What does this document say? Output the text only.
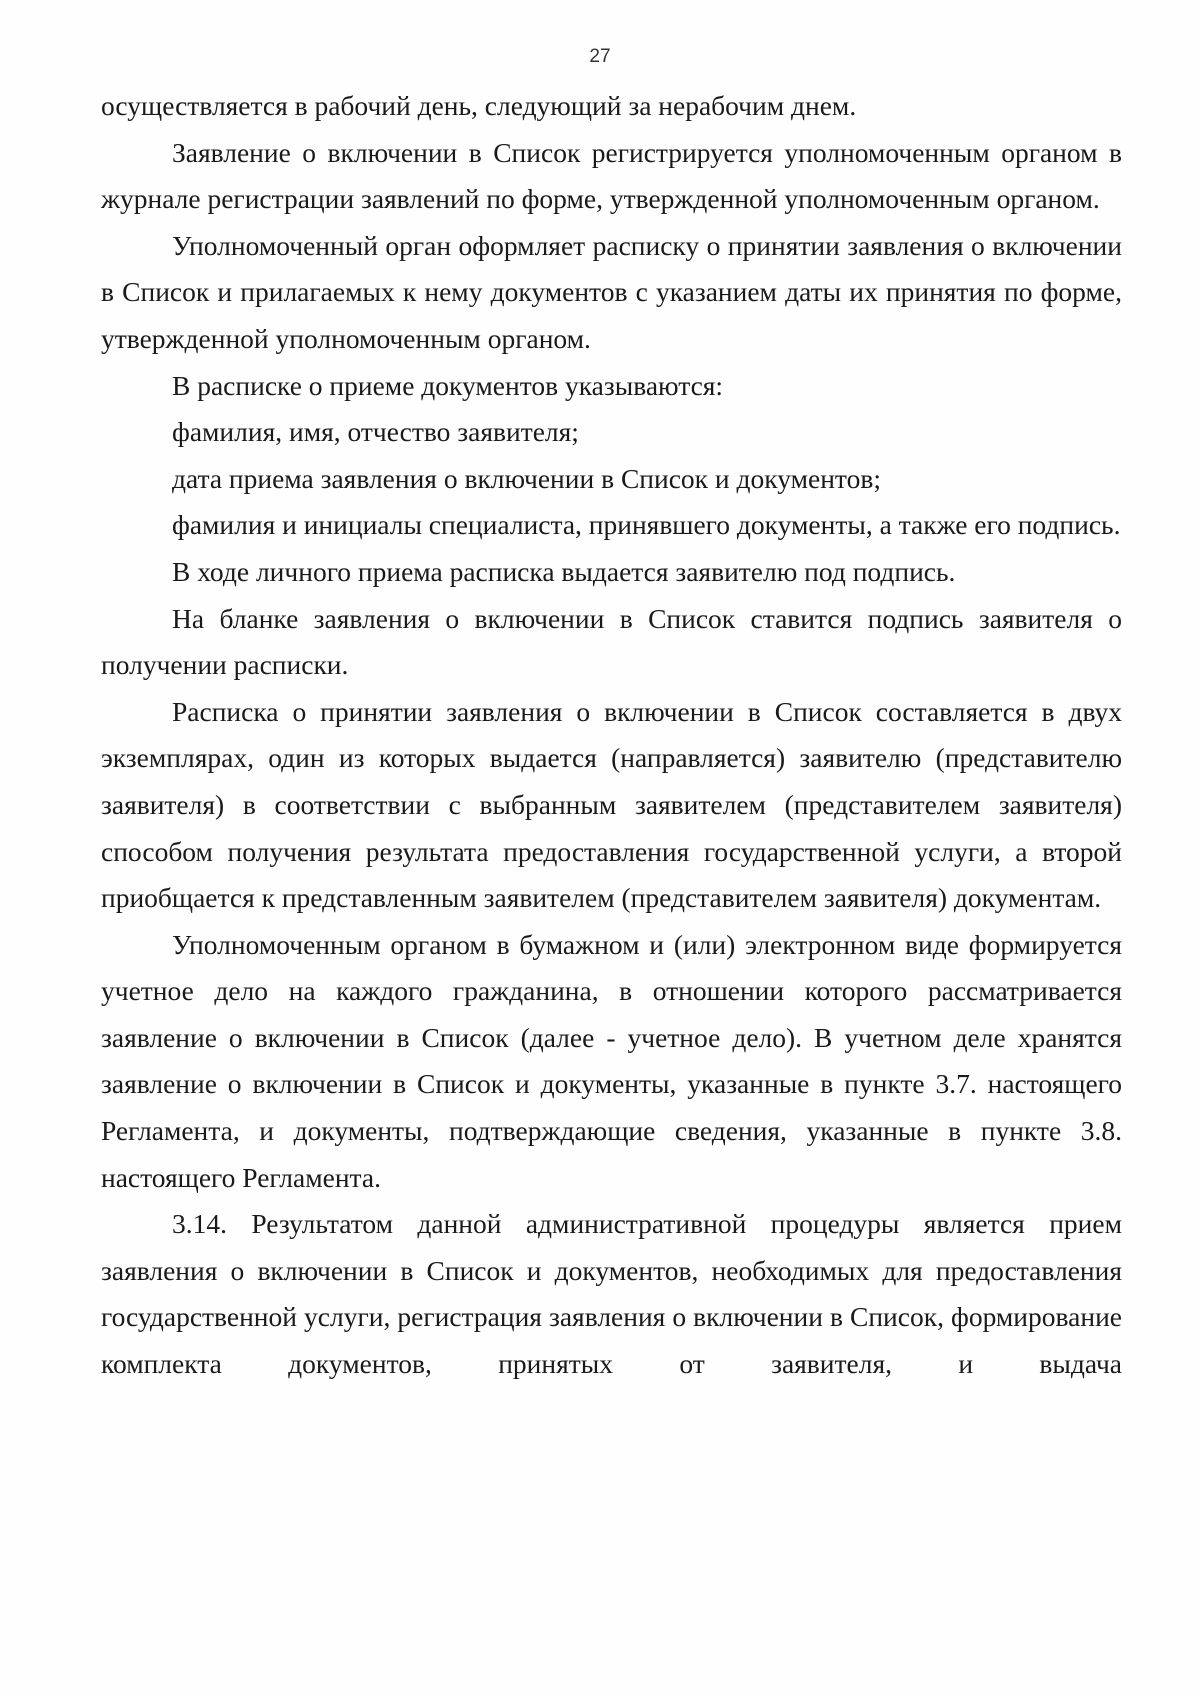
27

осуществляется в рабочий день, следующий за нерабочим днем.

Заявление о включении в Список регистрируется уполномоченным органом в журнале регистрации заявлений по форме, утвержденной уполномоченным органом.

Уполномоченный орган оформляет расписку о принятии заявления о включении в Список и прилагаемых к нему документов с указанием даты их принятия по форме, утвержденной уполномоченным органом.

В расписке о приеме документов указываются:

фамилия, имя, отчество заявителя;

дата приема заявления о включении в Список и документов;

фамилия и инициалы специалиста, принявшего документы, а также его подпись.

В ходе личного приема расписка выдается заявителю под подпись.

На бланке заявления о включении в Список ставится подпись заявителя о получении расписки.

Расписка о принятии заявления о включении в Список составляется в двух экземплярах, один из которых выдается (направляется) заявителю (представителю заявителя) в соответствии с выбранным заявителем (представителем заявителя) способом получения результата предоставления государственной услуги, а второй приобщается к представленным заявителем (представителем заявителя) документам.

Уполномоченным органом в бумажном и (или) электронном виде формируется учетное дело на каждого гражданина, в отношении которого рассматривается заявление о включении в Список (далее - учетное дело). В учетном деле хранятся заявление о включении в Список и документы, указанные в пункте 3.7. настоящего Регламента, и документы, подтверждающие сведения, указанные в пункте 3.8. настоящего Регламента.

3.14. Результатом данной административной процедуры является прием заявления о включении в Список и документов, необходимых для предоставления государственной услуги, регистрация заявления о включении в Список, формирование комплекта документов, принятых от заявителя, и выдача
